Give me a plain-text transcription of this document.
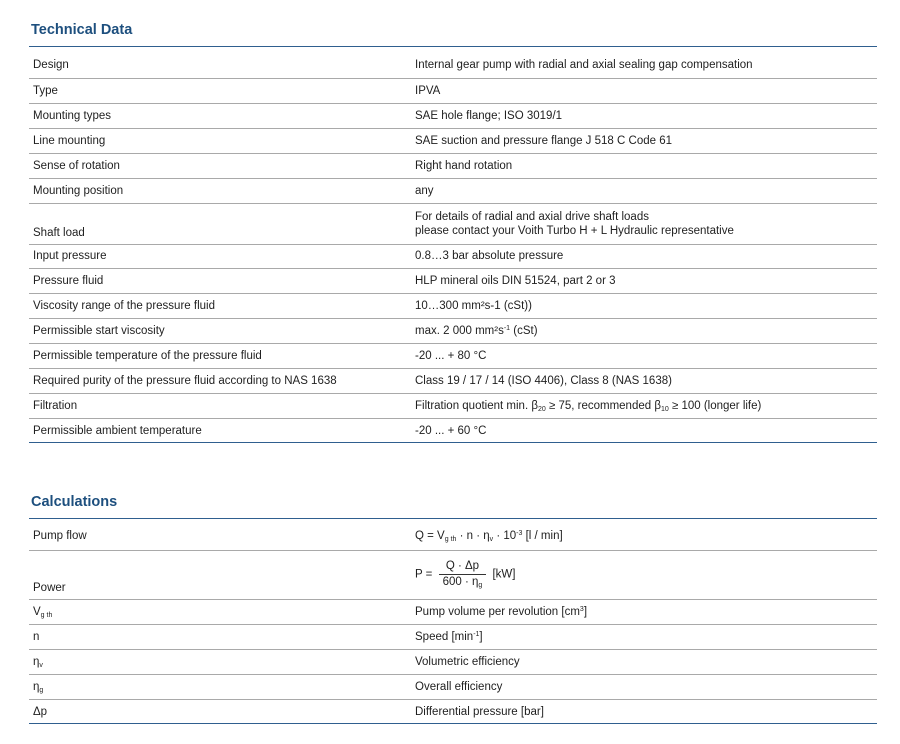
Technical Data
Design	Internal gear pump with radial and axial sealing gap compensation
Type	IPVA
Mounting types	SAE hole flange; ISO 3019/1
Line mounting	SAE suction and pressure flange J 518 C Code 61
Sense of rotation	Right hand rotation
Mounting position	any
Shaft load	For details of radial and axial drive shaft loads
please contact your Voith Turbo H + L Hydraulic representative

Input pressure	0.8…3 bar absolute pressure
Pressure fluid	HLP mineral oils DIN 51524, part 2 or 3
Viscosity range of the pressure fluid	10…300 mm²s-1 (cSt))
Permissible start viscosity	max. 2 000 $mm^2s^{-1}$ (cSt)
Permissible temperature of the pressure fluid	-20 ... + 80 °C
Required purity of the pressure fluid according to NAS 1638	Class 19 / 17 / 14 (ISO 4406), Class 8 (NAS 1638)
Filtration	Filtration quotient min. $\beta_{20} \ge 75$, recommended $\beta_{10} \ge 100$ (longer life)
Permissible ambient temperature	-20 ... + 60 °C
Calculations
Pump flow	$Q = V_{g th} \cdot n \cdot \eta_v \cdot 10^{-3}$ [l / min]
Power	$P = \frac{Q \cdot \Delta p}{600 \cdot \eta_g} [kW]$
$V_{g th}$	Pump volume per revolution $[cm^3]$
n	Speed $[\min^{-1}]$
$\eta_v$	Volumetric efficiency
$\eta_g$	Overall efficiency
Δp	Differential pressure [bar]
